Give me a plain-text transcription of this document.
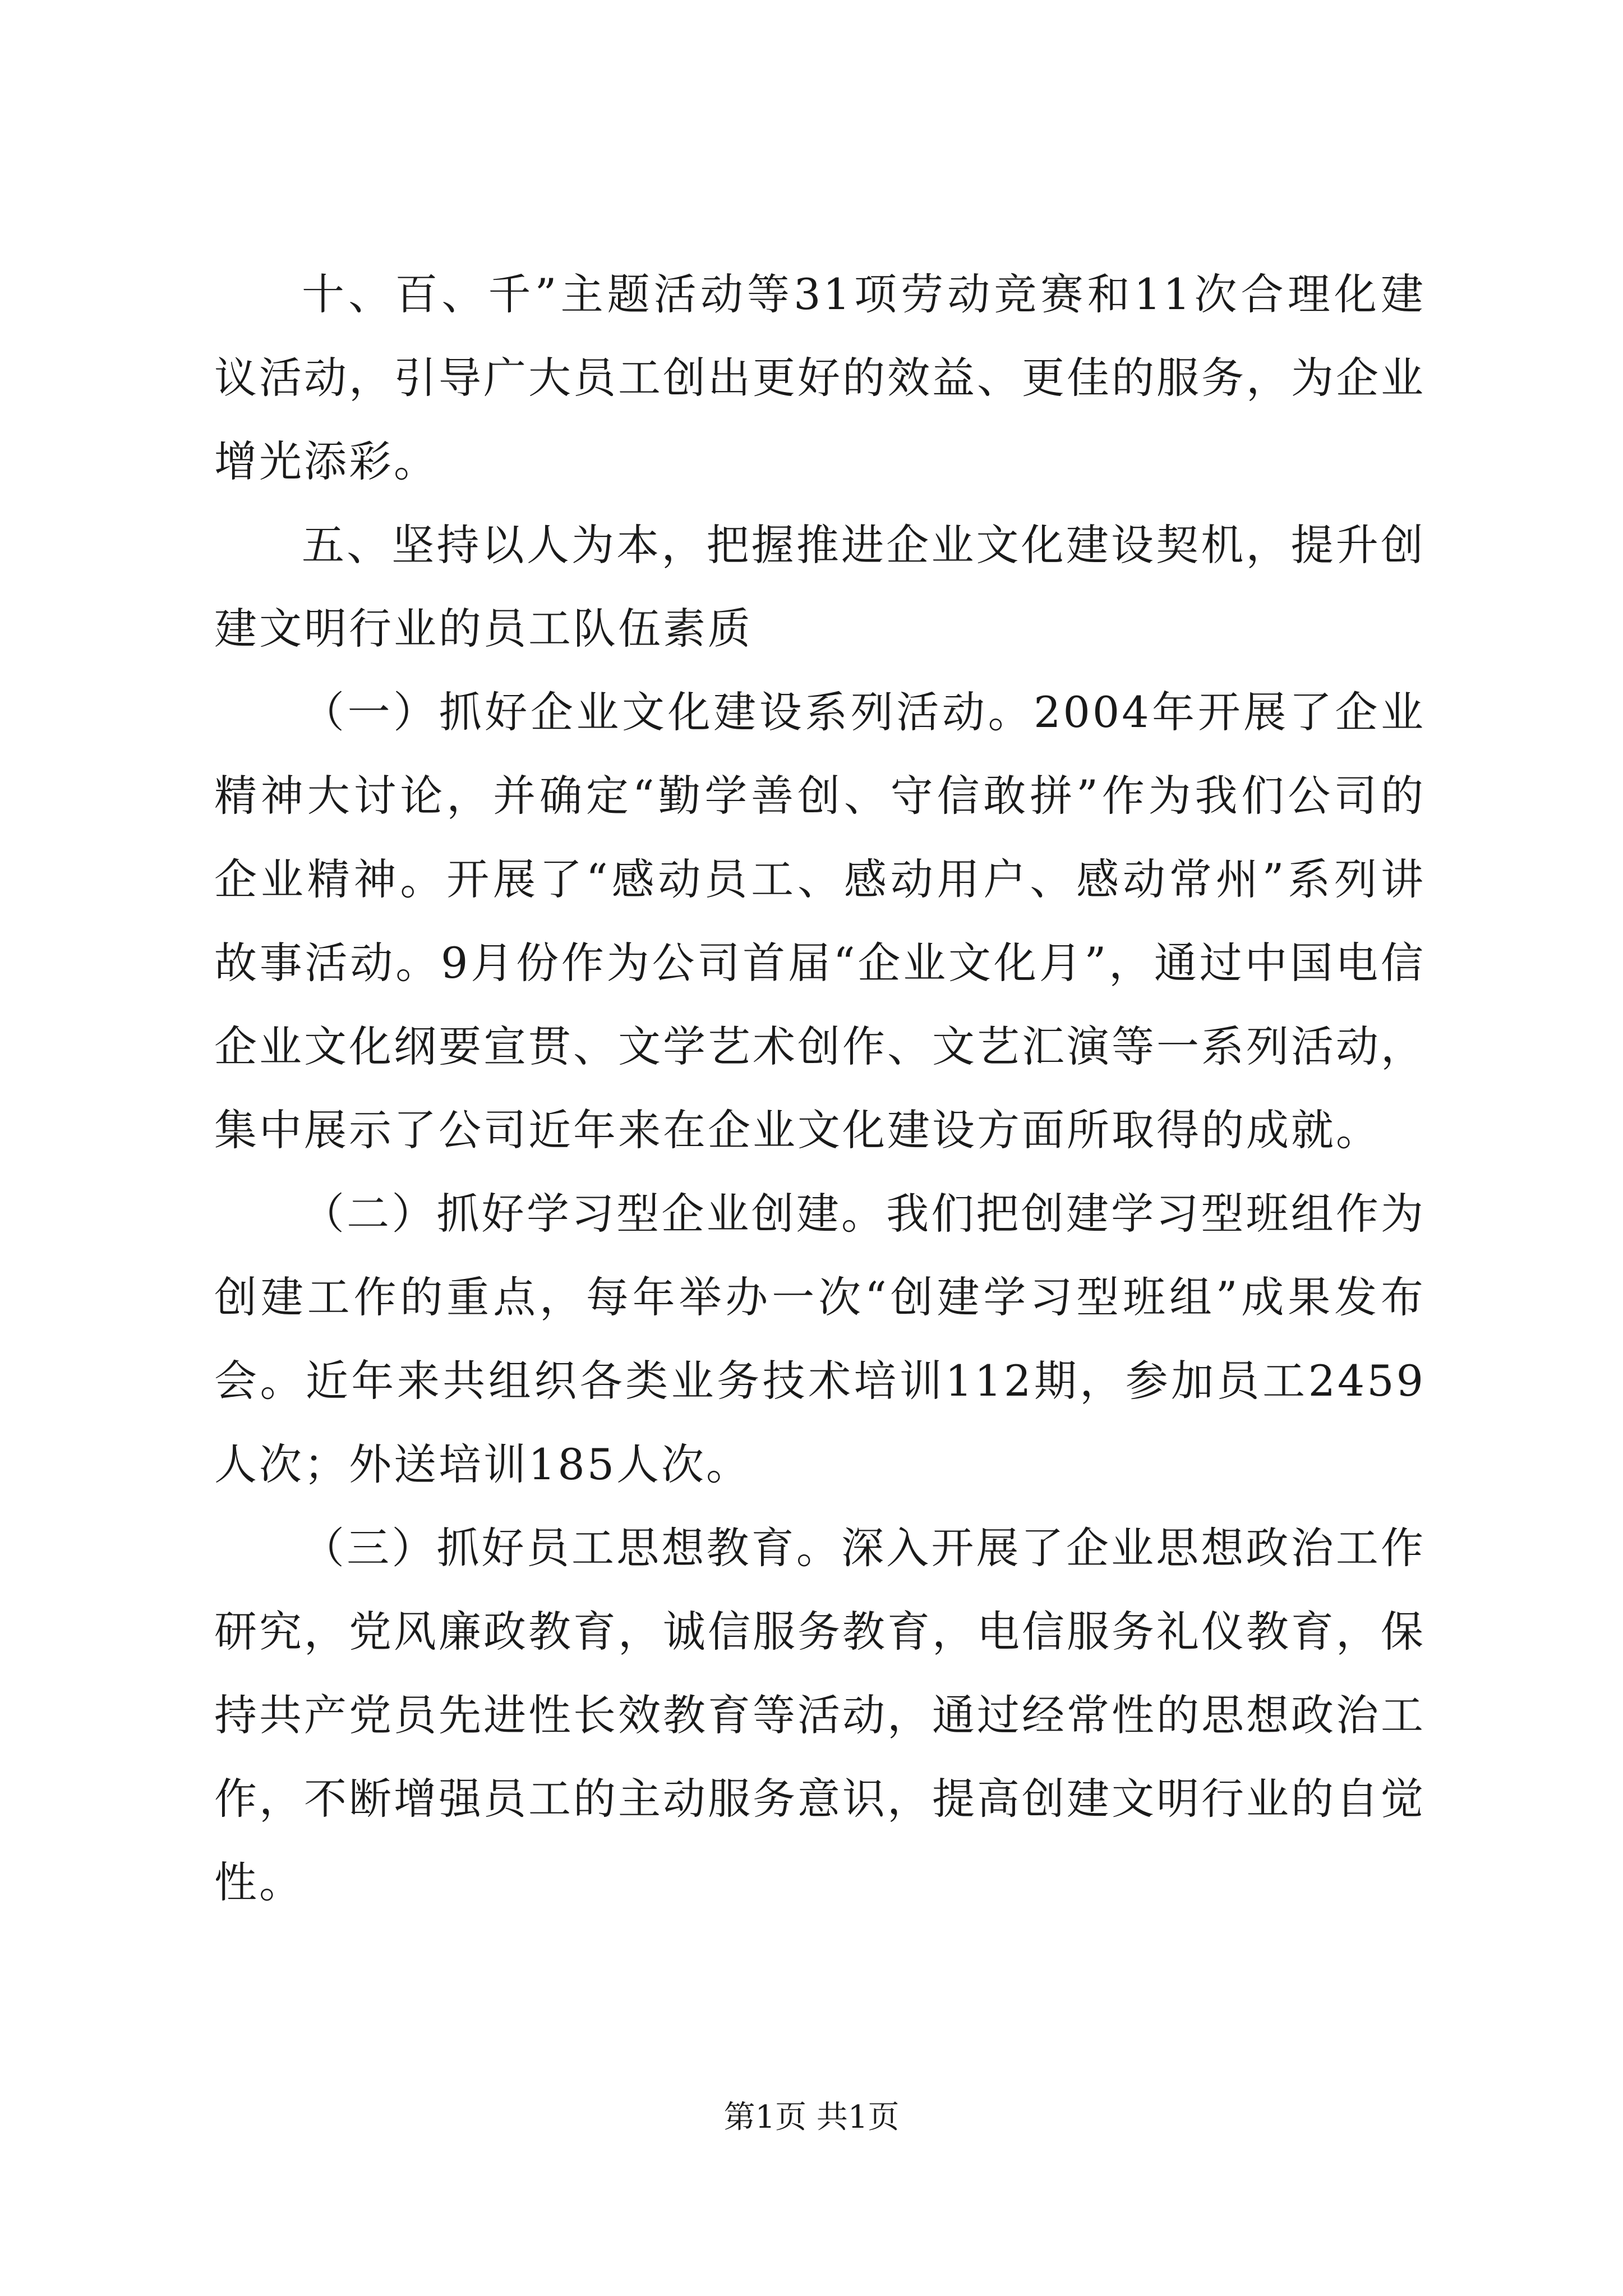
十、百、千”主题活动等31项劳动竞赛和11次合理化建议活动，引导广大员工创出更好的效益、更佳的服务，为企业增光添彩。

五、坚持以人为本，把握推进企业文化建设契机，提升创建文明行业的员工队伍素质

（一）抓好企业文化建设系列活动。2004年开展了企业精神大讨论，并确定“勤学善创、守信敢拼”作为我们公司的企业精神。开展了“感动员工、感动用户、感动常州”系列讲故事活动。9月份作为公司首届“企业文化月”，通过中国电信企业文化纲要宣贯、文学艺术创作、文艺汇演等一系列活动，集中展示了公司近年来在企业文化建设方面所取得的成就。

（二）抓好学习型企业创建。我们把创建学习型班组作为创建工作的重点，每年举办一次“创建学习型班组”成果发布会。近年来共组织各类业务技术培训112期，参加员工2459人次；外送培训185人次。

（三）抓好员工思想教育。深入开展了企业思想政治工作研究，党风廉政教育，诚信服务教育，电信服务礼仪教育，保持共产党员先进性长效教育等活动，通过经常性的思想政治工作，不断增强员工的主动服务意识，提高创建文明行业的自觉性。

第1页 共1页
